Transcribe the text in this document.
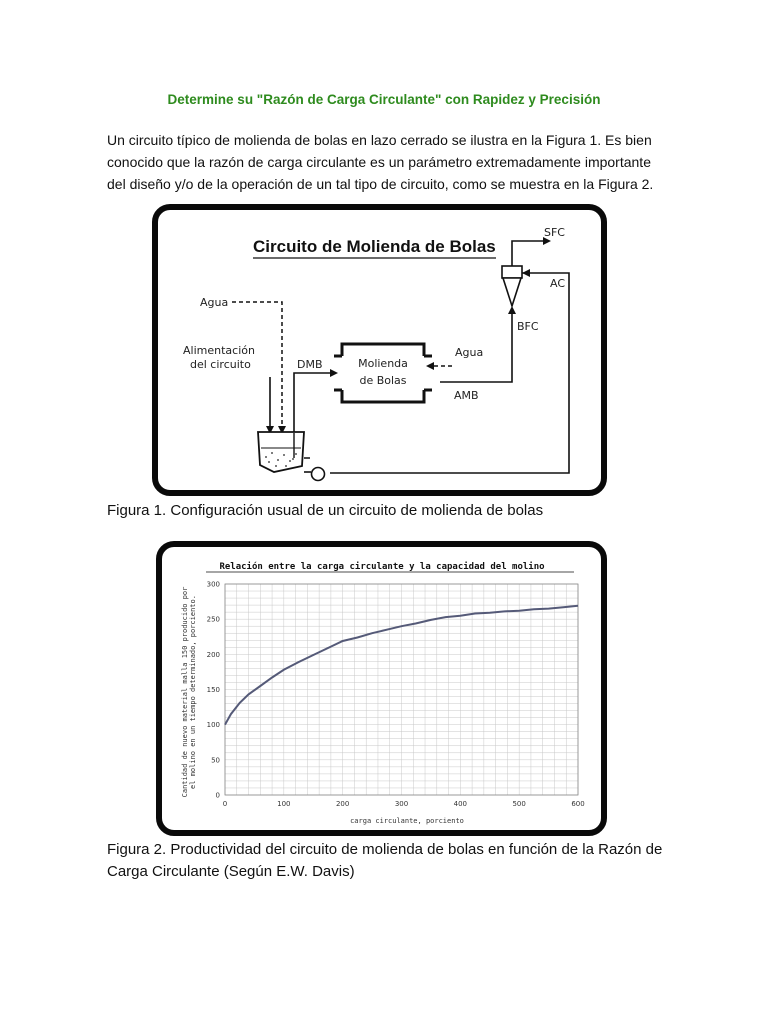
Determine su "Razón de Carga Circulante" con Rapidez y Precisión

Un circuito típico de molienda de bolas en lazo cerrado se ilustra en la Figura 1. Es bien conocido que la razón de carga circulante es un parámetro extremadamente importante del diseño y/o de la operación de un tal tipo de circuito, como se muestra en la Figura 2.

Circuito de Molienda de Bolas
SFC
AC
BFC
AMB
Agua
Molienda
de Bolas
DMB
Alimentación
del circuito
Agua
Figura 1. Configuración usual de un circuito de molienda de bolas
Relación entre la carga circulante y la capacidad del molino
0
50
100
150
200
250
300
0	100	200	300	400	500	600
carga circulante, porciento
Cantidad de nuevo material malla 150 producido por el molino en un tiempo determinado, porciento.
Figura 2. Productividad del circuito de molienda de bolas en función de la Razón de Carga Circulante (Según E.W. Davis)
